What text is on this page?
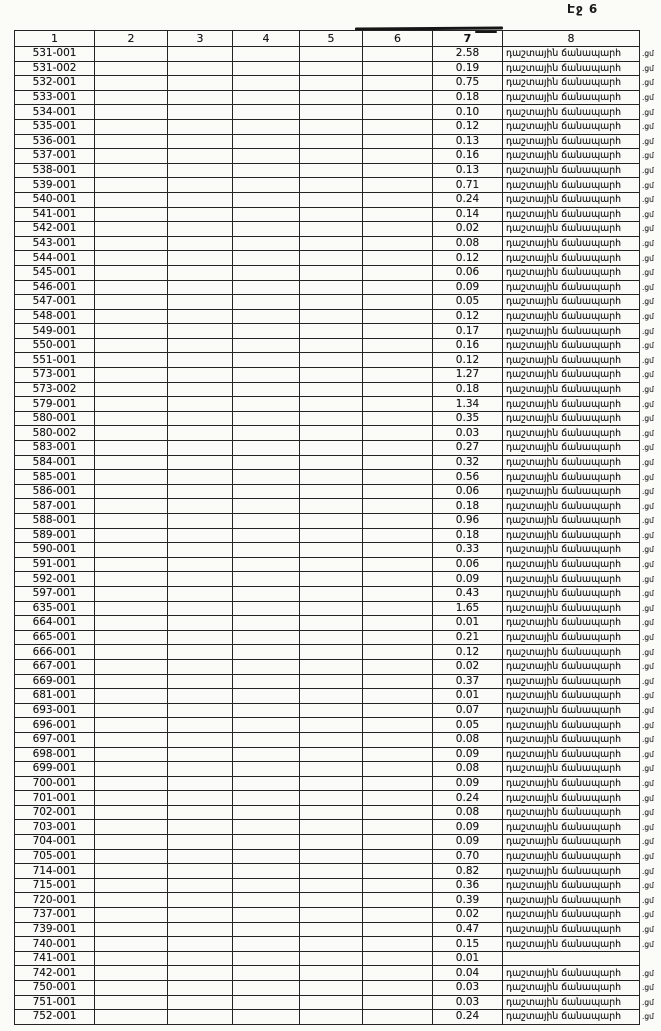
Էջ 6
1	2	3	4	5	6	7	8	
531-001						2.58	դաշտային ճանապարհ	.ցմ
531-002						0.19	դաշտային ճանապարհ	.ցմ
532-001						0.75	դաշտային ճանապարհ	.ցմ
533-001						0.18	դաշտային ճանապարհ	.ցմ
534-001						0.10	դաշտային ճանապարհ	.ցմ
535-001						0.12	դաշտային ճանապարհ	.ցմ
536-001						0.13	դաշտային ճանապարհ	.ցմ
537-001						0.16	դաշտային ճանապարհ	.ցմ
538-001						0.13	դաշտային ճանապարհ	.ցմ
539-001						0.71	դաշտային ճանապարհ	.ցմ
540-001						0.24	դաշտային ճանապարհ	.ցմ
541-001						0.14	դաշտային ճանապարհ	.ցմ
542-001						0.02	դաշտային ճանապարհ	.ցմ
543-001						0.08	դաշտային ճանապարհ	.ցմ
544-001						0.12	դաշտային ճանապարհ	.ցմ
545-001						0.06	դաշտային ճանապարհ	.ցմ
546-001						0.09	դաշտային ճանապարհ	.ցմ
547-001						0.05	դաշտային ճանապարհ	.ցմ
548-001						0.12	դաշտային ճանապարհ	.ցմ
549-001						0.17	դաշտային ճանապարհ	.ցմ
550-001						0.16	դաշտային ճանապարհ	.ցմ
551-001						0.12	դաշտային ճանապարհ	.ցմ
573-001						1.27	դաշտային ճանապարհ	.ցմ
573-002						0.18	դաշտային ճանապարհ	.ցմ
579-001						1.34	դաշտային ճանապարհ	.ցմ
580-001						0.35	դաշտային ճանապարհ	.ցմ
580-002						0.03	դաշտային ճանապարհ	.ցմ
583-001						0.27	դաշտային ճանապարհ	.ցմ
584-001						0.32	դաշտային ճանապարհ	.ցմ
585-001						0.56	դաշտային ճանապարհ	.ցմ
586-001						0.06	դաշտային ճանապարհ	.ցմ
587-001						0.18	դաշտային ճանապարհ	.ցմ
588-001						0.96	դաշտային ճանապարհ	.ցմ
589-001						0.18	դաշտային ճանապարհ	.ցմ
590-001						0.33	դաշտային ճանապարհ	.ցմ
591-001						0.06	դաշտային ճանապարհ	.ցմ
592-001						0.09	դաշտային ճանապարհ	.ցմ
597-001						0.43	դաշտային ճանապարհ	.ցմ
635-001						1.65	դաշտային ճանապարհ	.ցմ
664-001						0.01	դաշտային ճանապարհ	.ցմ
665-001						0.21	դաշտային ճանապարհ	.ցմ
666-001						0.12	դաշտային ճանապարհ	.ցմ
667-001						0.02	դաշտային ճանապարհ	.ցմ
669-001						0.37	դաշտային ճանապարհ	.ցմ
681-001						0.01	դաշտային ճանապարհ	.ցմ
693-001						0.07	դաշտային ճանապարհ	.ցմ
696-001						0.05	դաշտային ճանապարհ	.ցմ
697-001						0.08	դաշտային ճանապարհ	.ցմ
698-001						0.09	դաշտային ճանապարհ	.ցմ
699-001						0.08	դաշտային ճանապարհ	.ցմ
700-001						0.09	դաշտային ճանապարհ	.ցմ
701-001						0.24	դաշտային ճանապարհ	.ցմ
702-001						0.08	դաշտային ճանապարհ	.ցմ
703-001						0.09	դաշտային ճանապարհ	.ցմ
704-001						0.09	դաշտային ճանապարհ	.ցմ
705-001						0.70	դաշտային ճանապարհ	.ցմ
714-001						0.82	դաշտային ճանապարհ	.ցմ
715-001						0.36	դաշտային ճանապարհ	.ցմ
720-001						0.39	դաշտային ճանապարհ	.ցմ
737-001						0.02	դաշտային ճանապարհ	.ցմ
739-001						0.47	դաշտային ճանապարհ	.ցմ
740-001						0.15	դաշտային ճանապարհ	.ցմ
741-001						0.01		
742-001						0.04	դաշտային ճանապարհ	.ցմ
750-001						0.03	դաշտային ճանապարհ	.ցմ
751-001						0.03	դաշտային ճանապարհ	.ցմ
752-001						0.24	դաշտային ճանապարհ	.ցմ
